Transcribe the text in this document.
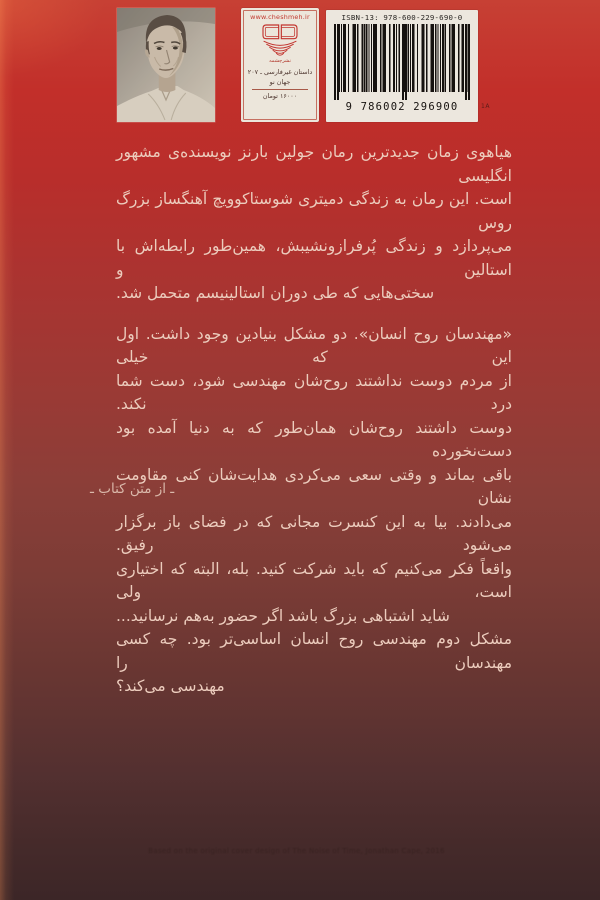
www.cheshmeh.ir
نشرچشمه
داستان غیرفارسی ـ ۲۰۷
جهان نو
۱۶۰۰۰ تومان
ISBN-13: 978-600-229-690-0
9 786002 296900	1A

هیاهوی زمان جدیدترین رمان جولین بارنز نویسنده‌ی مشهور انگلیسی
است. این رمان به زندگی دمیتری شوستاکوویچ آهنگساز بزرگ روس
می‌پردازد و زندگی پُرفرازونشیبش، همین‌طور رابطه‌اش با استالین و
سختی‌هایی که طی دوران استالینیسم متحمل شد.

«مهندسان روح انسان». دو مشکل بنیادین وجود داشت. اول این که خیلی
از مردم دوست نداشتند روح‌شان مهندسی شود، دست شما درد نکند.
دوست داشتند روح‌شان همان‌طور که به دنیا آمده بود دست‌نخورده
باقی بماند و وقتی سعی می‌کردی هدایت‌شان کنی مقاومت نشان
می‌دادند. بیا به این کنسرت مجانی که در فضای باز برگزار می‌شود رفیق.
واقعاً فکر می‌کنیم که باید شرکت کنید. بله، البته که اختیاری است، ولی
شاید اشتباهی بزرگ باشد اگر حضور به‌هم نرسانید...

مشکل دوم مهندسی روح انسان اساسی‌تر بود. چه کسی مهندسان را
مهندسی می‌کند؟

ـ از متن کتاب ـ
Based on the original cover design of The Noise of Time, Jonathan Cape, 2016
